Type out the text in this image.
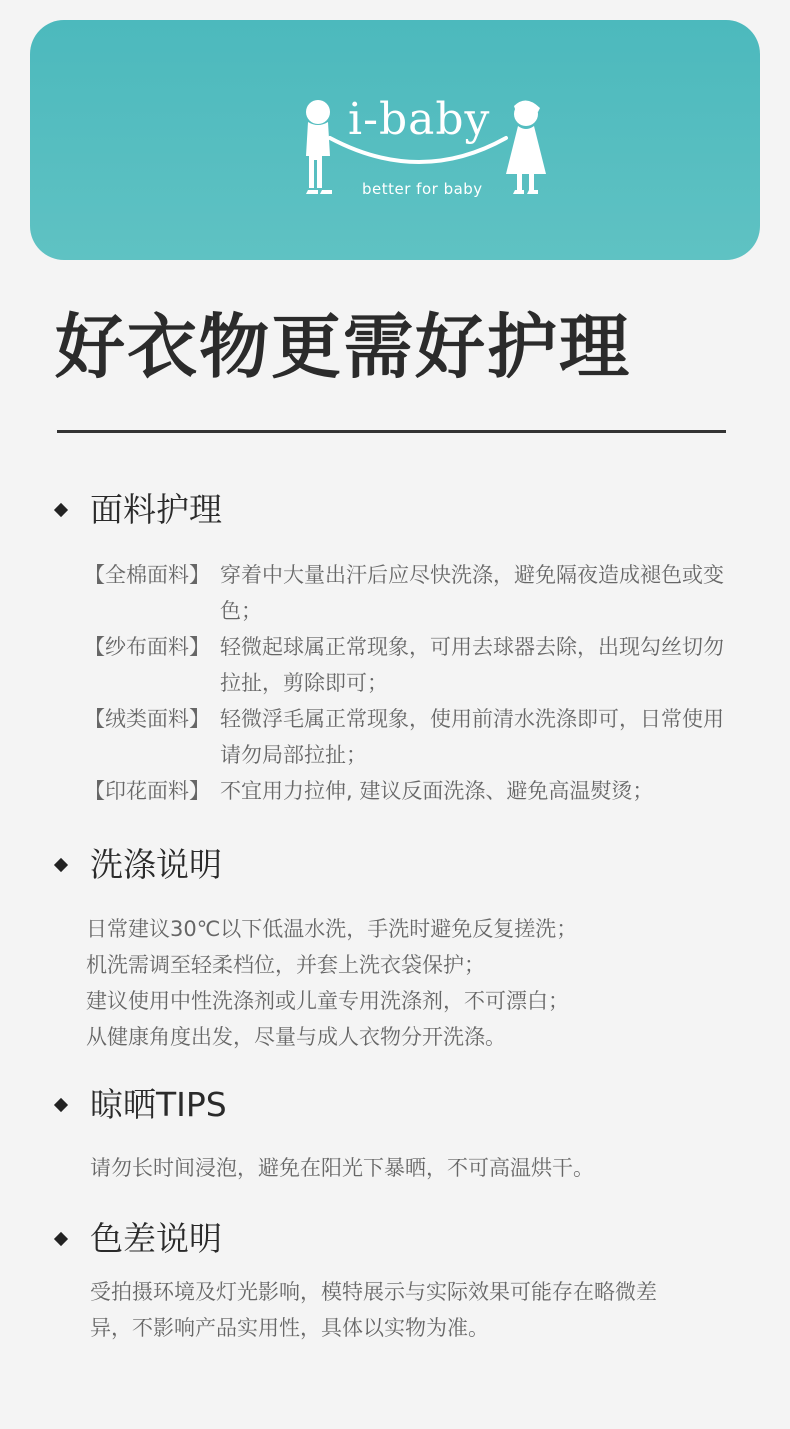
i-baby
better for baby
好衣物更需好护理
面料护理
【全棉面料】 穿着中大量出汗后应尽快洗涤，避免隔夜造成褪色或变色；
【纱布面料】 轻微起球属正常现象，可用去球器去除，出现勾丝切勿拉扯，剪除即可；
【绒类面料】 轻微浮毛属正常现象，使用前清水洗涤即可，日常使用请勿局部拉扯；
【印花面料】 不宜用力拉伸, 建议反面洗涤、避免高温熨烫；
洗涤说明
日常建议30℃以下低温水洗，手洗时避免反复搓洗；
机洗需调至轻柔档位，并套上洗衣袋保护；
建议使用中性洗涤剂或儿童专用洗涤剂，不可漂白；
从健康角度出发，尽量与成人衣物分开洗涤。
晾晒TIPS
请勿长时间浸泡，避免在阳光下暴晒，不可高温烘干。
色差说明
受拍摄环境及灯光影响，模特展示与实际效果可能存在略微差
异，不影响产品实用性，具体以实物为准。
